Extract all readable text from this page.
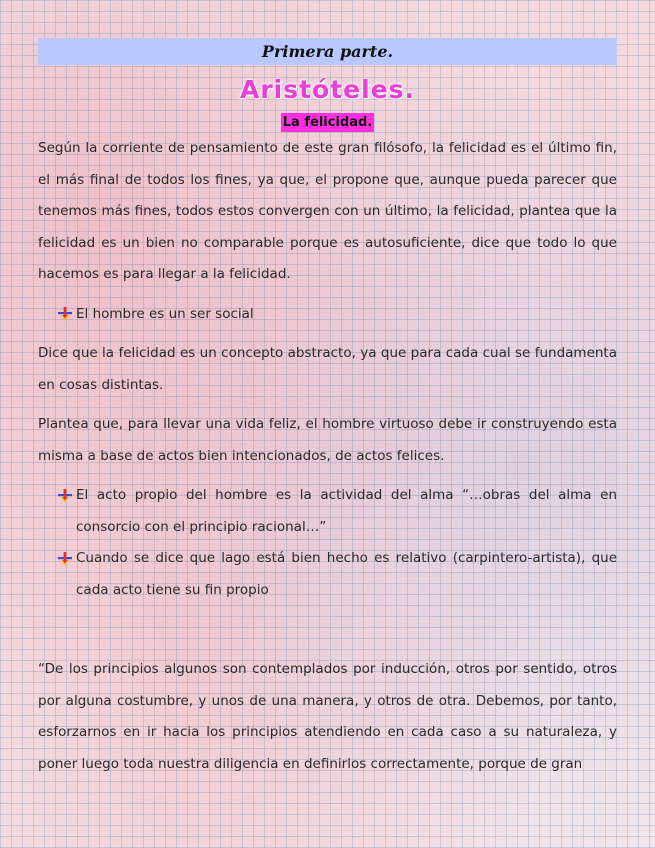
Primera parte.
Aristóteles.
La felicidad.

Según la corriente de pensamiento de este gran filósofo, la felicidad es el último fin, el más final de todos los fines, ya que, el propone que, aunque pueda parecer que tenemos más fines, todos estos convergen con un último, la felicidad, plantea que la felicidad es un bien no comparable porque es autosuficiente, dice que todo lo que hacemos es para llegar a la felicidad.

El hombre es un ser social

Dice que la felicidad es un concepto abstracto, ya que para cada cual se fundamenta en cosas distintas.

Plantea que, para llevar una vida feliz, el hombre virtuoso debe ir construyendo esta misma a base de actos bien intencionados, de actos felices.

El acto propio del hombre es la actividad del alma “…obras del alma en consorcio con el principio racional…”
Cuando se dice que lago está bien hecho es relativo (carpintero-artista), que cada acto tiene su fin propio

“De los principios algunos son contemplados por inducción, otros por sentido, otros por alguna costumbre, y unos de una manera, y otros de otra. Debemos, por tanto, esforzarnos en ir hacia los principios atendiendo en cada caso a su naturaleza, y poner luego toda nuestra diligencia en definirlos correctamente, porque de gran
